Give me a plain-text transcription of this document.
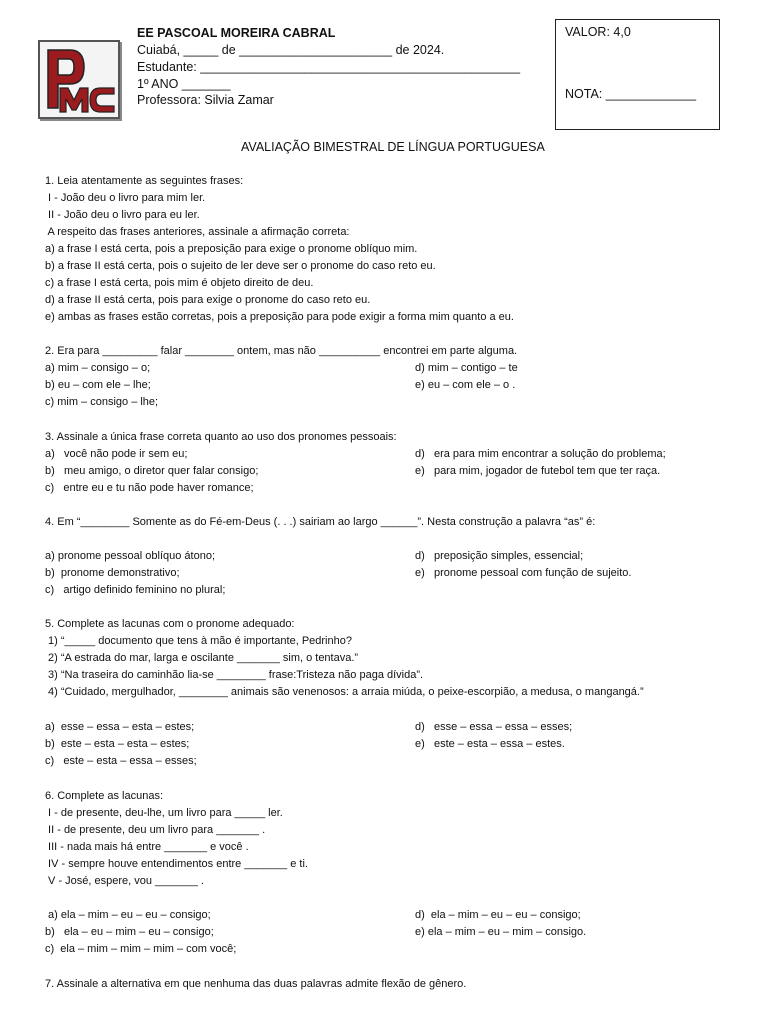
EE PASCOAL MOREIRA CABRAL
Cuiabá, _____ de ______________________ de 2024.
Estudante: ______________________________________________
1º ANO _______
Professora: Silvia Zamar
VALOR: 4,0
NOTA: _____________
AVALIAÇÃO BIMESTRAL DE LÍNGUA PORTUGUESA
1. Leia atentamente as seguintes frases:
I - João deu o livro para mim ler.
II - João deu o livro para eu ler.
A respeito das frases anteriores, assinale a afirmação correta:
a) a frase I está certa, pois a preposição para exige o pronome oblíquo mim.
b) a frase II está certa, pois o sujeito de ler deve ser o pronome do caso reto eu.
c) a frase I está certa, pois mim é objeto direito de deu.
d) a frase II está certa, pois para exige o pronome do caso reto eu.
e) ambas as frases estão corretas, pois a preposição para pode exigir a forma mim quanto a eu.
2. Era para _________ falar ________ ontem, mas não __________ encontrei em parte alguma.
a) mim – consigo – o;
b) eu – com ele – lhe;
c) mim – consigo – lhe;
d) mim – contigo – te
e) eu – com ele – o .
3. Assinale a única frase correta quanto ao uso dos pronomes pessoais:
a)   você não pode ir sem eu;
b)   meu amigo, o diretor quer falar consigo;
c)   entre eu e tu não pode haver romance;
d)   era para mim encontrar a solução do problema;
e)   para mim, jogador de futebol tem que ter raça.
4. Em “________ Somente as do Fé-em-Deus (. . .) sairiam ao largo ______”. Nesta construção a palavra “as” é:
a) pronome pessoal oblíquo átono;
b)  pronome demonstrativo;
c)   artigo definido feminino no plural;
d)   preposição simples, essencial;
e)   pronome pessoal com função de sujeito.
5. Complete as lacunas com o pronome adequado:
1) “_____ documento que tens à mão é importante, Pedrinho?
2) “A estrada do mar, larga e oscilante _______ sim, o tentava.”
3) “Na traseira do caminhão lia-se ________ frase:Tristeza não paga dívida”.
4) “Cuidado, mergulhador, ________ animais são venenosos: a arraia miúda, o peixe-escorpião, a medusa, o mangangá.”
a)  esse – essa – esta – estes;
b)  este – esta – esta – estes;
c)   este – esta – essa – esses;
d)   esse – essa – essa – esses;
e)   este – esta – essa – estes.
6. Complete as lacunas:
I - de presente, deu-lhe, um livro para _____ ler.
II - de presente, deu um livro para _______ .
III - nada mais há entre _______ e você .
IV - sempre houve entendimentos entre _______ e ti.
V - José, espere, vou _______ .
a) ela – mim – eu – eu – consigo;
b)   ela – eu – mim – eu – consigo;
c)  ela – mim – mim – mim – com você;
d)  ela – mim – eu – eu – consigo;
e) ela – mim – eu – mim – consigo.
7. Assinale a alternativa em que nenhuma das duas palavras admite flexão de gênero.
